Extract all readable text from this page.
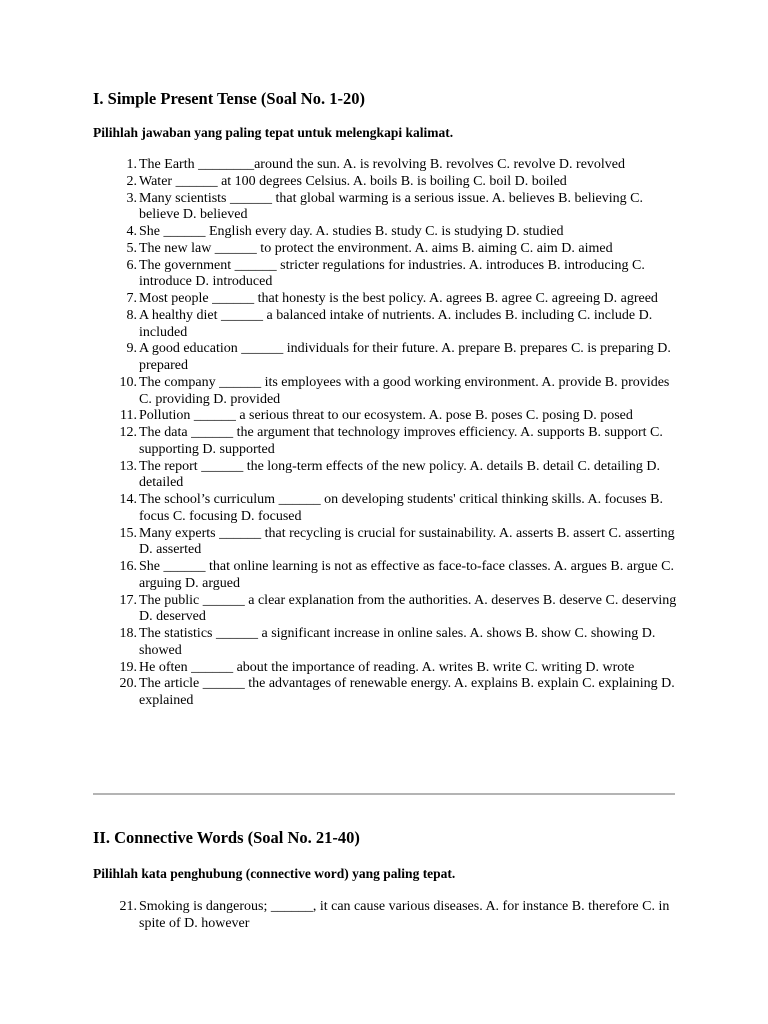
I. Simple Present Tense (Soal No. 1-20)

Pilihlah jawaban yang paling tepat untuk melengkapi kalimat.

1. The Earth ________around the sun. A. is revolving B. revolves C. revolve D. revolved
2. Water ______ at 100 degrees Celsius. A. boils B. is boiling C. boil D. boiled
3. Many scientists ______ that global warming is a serious issue. A. believes B. believing C. believe D. believed
4. She ______ English every day. A. studies B. study C. is studying D. studied
5. The new law ______ to protect the environment. A. aims B. aiming C. aim D. aimed
6. The government ______ stricter regulations for industries. A. introduces B. introducing C. introduce D. introduced
7. Most people ______ that honesty is the best policy. A. agrees B. agree C. agreeing D. agreed
8. A healthy diet ______ a balanced intake of nutrients. A. includes B. including C. include D. included
9. A good education ______ individuals for their future. A. prepare B. prepares C. is preparing D. prepared
10. The company ______ its employees with a good working environment. A. provide B. provides C. providing D. provided
11. Pollution ______ a serious threat to our ecosystem. A. pose B. poses C. posing D. posed
12. The data ______ the argument that technology improves efficiency. A. supports B. support C. supporting D. supported
13. The report ______ the long-term effects of the new policy. A. details B. detail C. detailing D. detailed
14. The school’s curriculum ______ on developing students' critical thinking skills. A. focuses B. focus C. focusing D. focused
15. Many experts ______ that recycling is crucial for sustainability. A. asserts B. assert C. asserting D. asserted
16. She ______ that online learning is not as effective as face-to-face classes. A. argues B. argue C. arguing D. argued
17. The public ______ a clear explanation from the authorities. A. deserves B. deserve C. deserving D. deserved
18. The statistics ______ a significant increase in online sales. A. shows B. show C. showing D. showed
19. He often ______ about the importance of reading. A. writes B. write C. writing D. wrote
20. The article ______ the advantages of renewable energy. A. explains B. explain C. explaining D. explained
II. Connective Words (Soal No. 21-40)

Pilihlah kata penghubung (connective word) yang paling tepat.

21. Smoking is dangerous; ______, it can cause various diseases. A. for instance B. therefore C. in spite of D. however
